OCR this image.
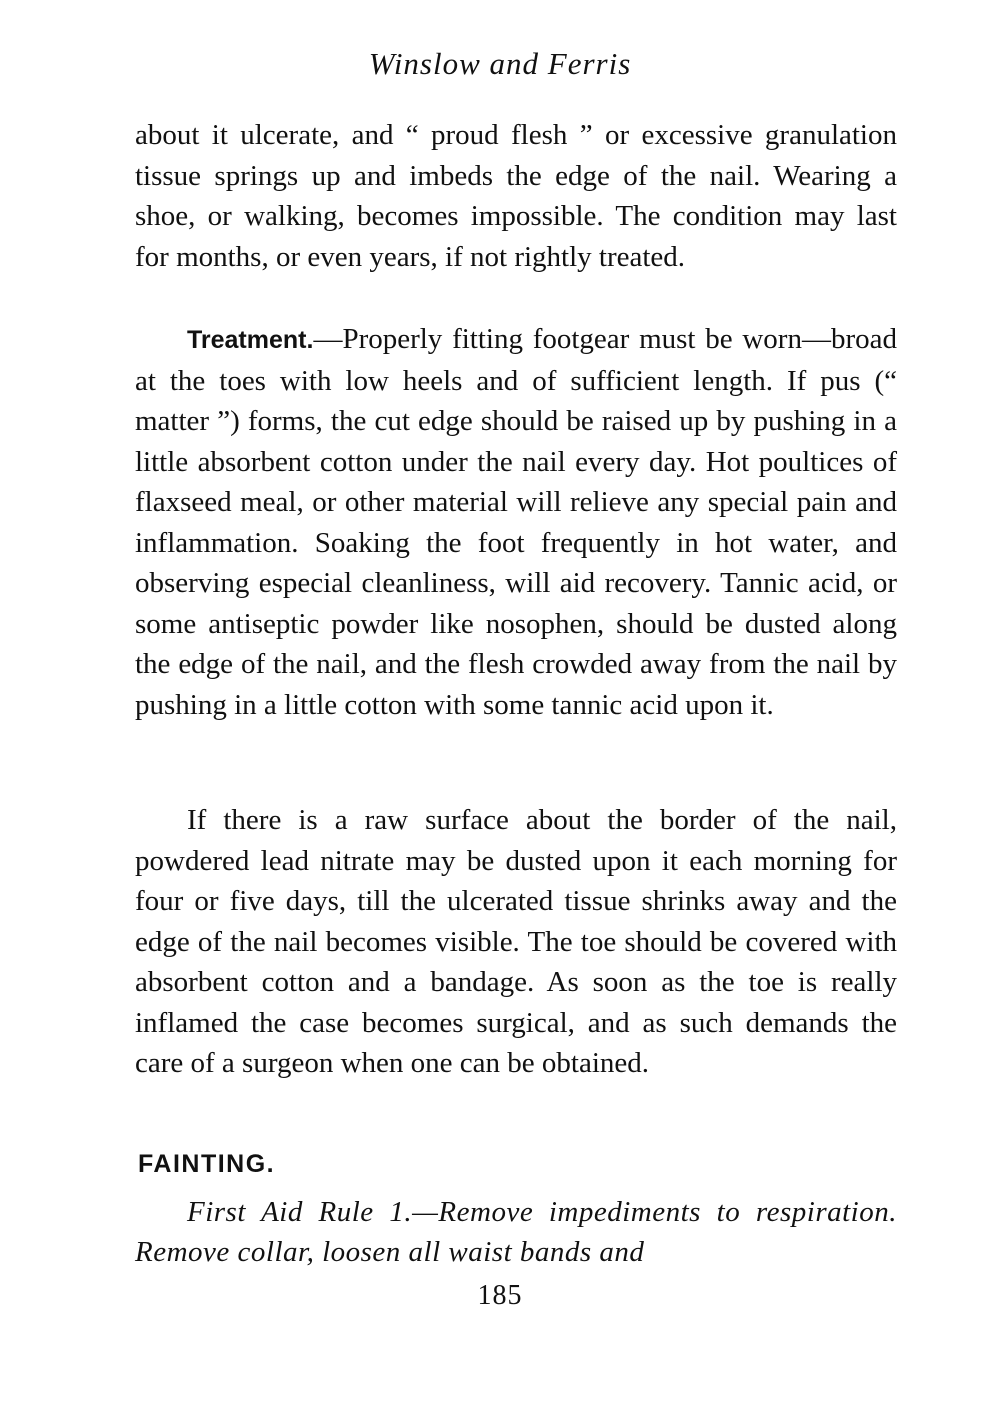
Winslow and Ferris

about it ulcerate, and “ proud flesh ” or excessive granulation tissue springs up and imbeds the edge of the nail. Wearing a shoe, or walking, becomes impossible. The condition may last for months, or even years, if not rightly treated.

Treatment.—Properly fitting footgear must be worn—broad at the toes with low heels and of sufficient length. If pus (“ matter ”) forms, the cut edge should be raised up by pushing in a little absorbent cotton under the nail every day. Hot poultices of flaxseed meal, or other material will relieve any special pain and inflammation. Soaking the foot frequently in hot water, and observing especial cleanliness, will aid recovery. Tannic acid, or some antiseptic powder like nosophen, should be dusted along the edge of the nail, and the flesh crowded away from the nail by pushing in a little cotton with some tannic acid upon it.

If there is a raw surface about the border of the nail, powdered lead nitrate may be dusted upon it each morning for four or five days, till the ulcerated tissue shrinks away and the edge of the nail becomes visible. The toe should be covered with absorbent cotton and a bandage. As soon as the toe is really inflamed the case becomes surgical, and as such demands the care of a surgeon when one can be obtained.

FAINTING.

First Aid Rule 1.—Remove impediments to respiration. Remove collar, loosen all waist bands and

185
